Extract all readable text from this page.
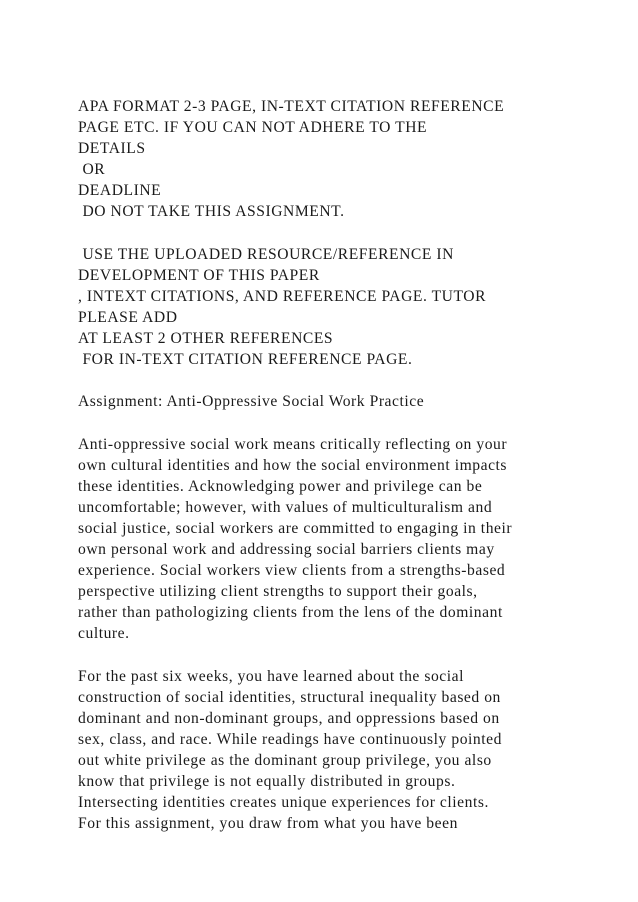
APA FORMAT 2-3 PAGE, IN-TEXT CITATION REFERENCE
PAGE ETC. IF YOU CAN NOT ADHERE TO THE
DETAILS
OR
DEADLINE
DO NOT TAKE THIS ASSIGNMENT.
USE THE UPLOADED RESOURCE/REFERENCE IN
DEVELOPMENT OF THIS PAPER
, INTEXT CITATIONS, AND REFERENCE PAGE. TUTOR
PLEASE ADD
AT LEAST 2 OTHER REFERENCES
FOR IN-TEXT CITATION REFERENCE PAGE.
Assignment: Anti-Oppressive Social Work Practice
Anti-oppressive social work means critically reflecting on your
own cultural identities and how the social environment impacts
these identities. Acknowledging power and privilege can be
uncomfortable; however, with values of multiculturalism and
social justice, social workers are committed to engaging in their
own personal work and addressing social barriers clients may
experience. Social workers view clients from a strengths-based
perspective utilizing client strengths to support their goals,
rather than pathologizing clients from the lens of the dominant
culture.
For the past six weeks, you have learned about the social
construction of social identities, structural inequality based on
dominant and non-dominant groups, and oppressions based on
sex, class, and race. While readings have continuously pointed
out white privilege as the dominant group privilege, you also
know that privilege is not equally distributed in groups.
Intersecting identities creates unique experiences for clients.
For this assignment, you draw from what you have been
